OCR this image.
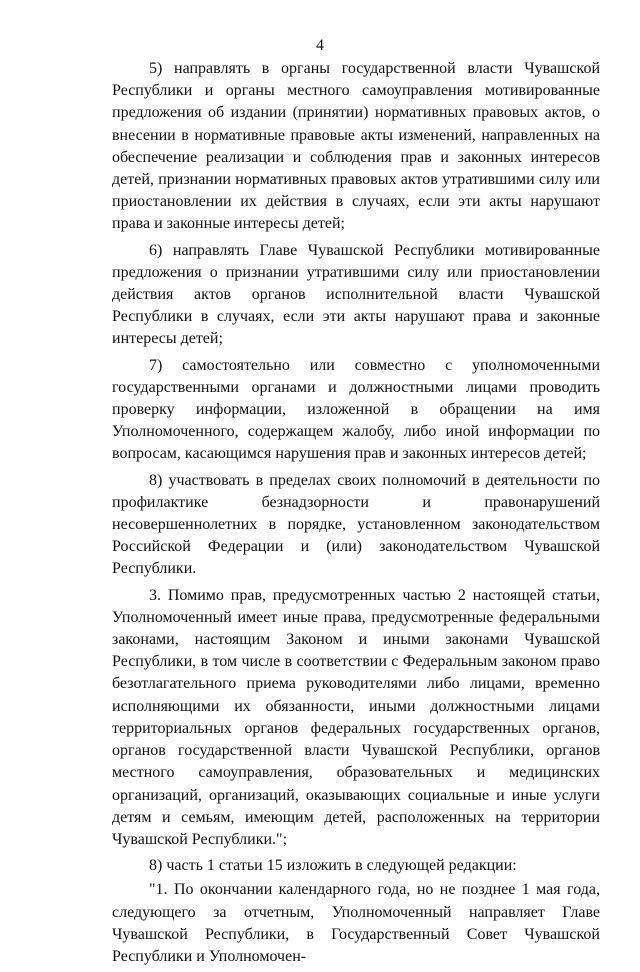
4

5) направлять в органы государственной власти Чувашской Республики и органы местного самоуправления мотивированные предложения об издании (принятии) нормативных правовых актов, о внесении в нормативные правовые акты изменений, направленных на обеспечение реализации и соблюдения прав и законных интересов детей, признании нормативных правовых актов утратившими силу или приостановлении их действия в случаях, если эти акты нарушают права и законные интересы детей;

6) направлять Главе Чувашской Республики мотивированные предложения о признании утратившими силу или приостановлении действия актов органов исполнительной власти Чувашской Республики в случаях, если эти акты нарушают права и законные интересы детей;

7) самостоятельно или совместно с уполномоченными государственными органами и должностными лицами проводить проверку информации, изложенной в обращении на имя Уполномоченного, содержащем жалобу, либо иной информации по вопросам, касающимся нарушения прав и законных интересов детей;

8) участвовать в пределах своих полномочий в деятельности по профилактике безнадзорности и правонарушений несовершеннолетних в порядке, установленном законодательством Российской Федерации и (или) законодательством Чувашской Республики.

3. Помимо прав, предусмотренных частью 2 настоящей статьи, Уполномоченный имеет иные права, предусмотренные федеральными законами, настоящим Законом и иными законами Чувашской Республики, в том числе в соответствии с Федеральным законом право безотлагательного приема руководителями либо лицами, временно исполняющими их обязанности, иными должностными лицами территориальных органов федеральных государственных органов, органов государственной власти Чувашской Республики, органов местного самоуправления, образовательных и медицинских организаций, организаций, оказывающих социальные и иные услуги детям и семьям, имеющим детей, расположенных на территории Чувашской Республики.";

8) часть 1 статьи 15 изложить в следующей редакции:

"1. По окончании календарного года, но не позднее 1 мая года, следующего за отчетным, Уполномоченный направляет Главе Чувашской Республики, в Государственный Совет Чувашской Республики и Уполномочен-
